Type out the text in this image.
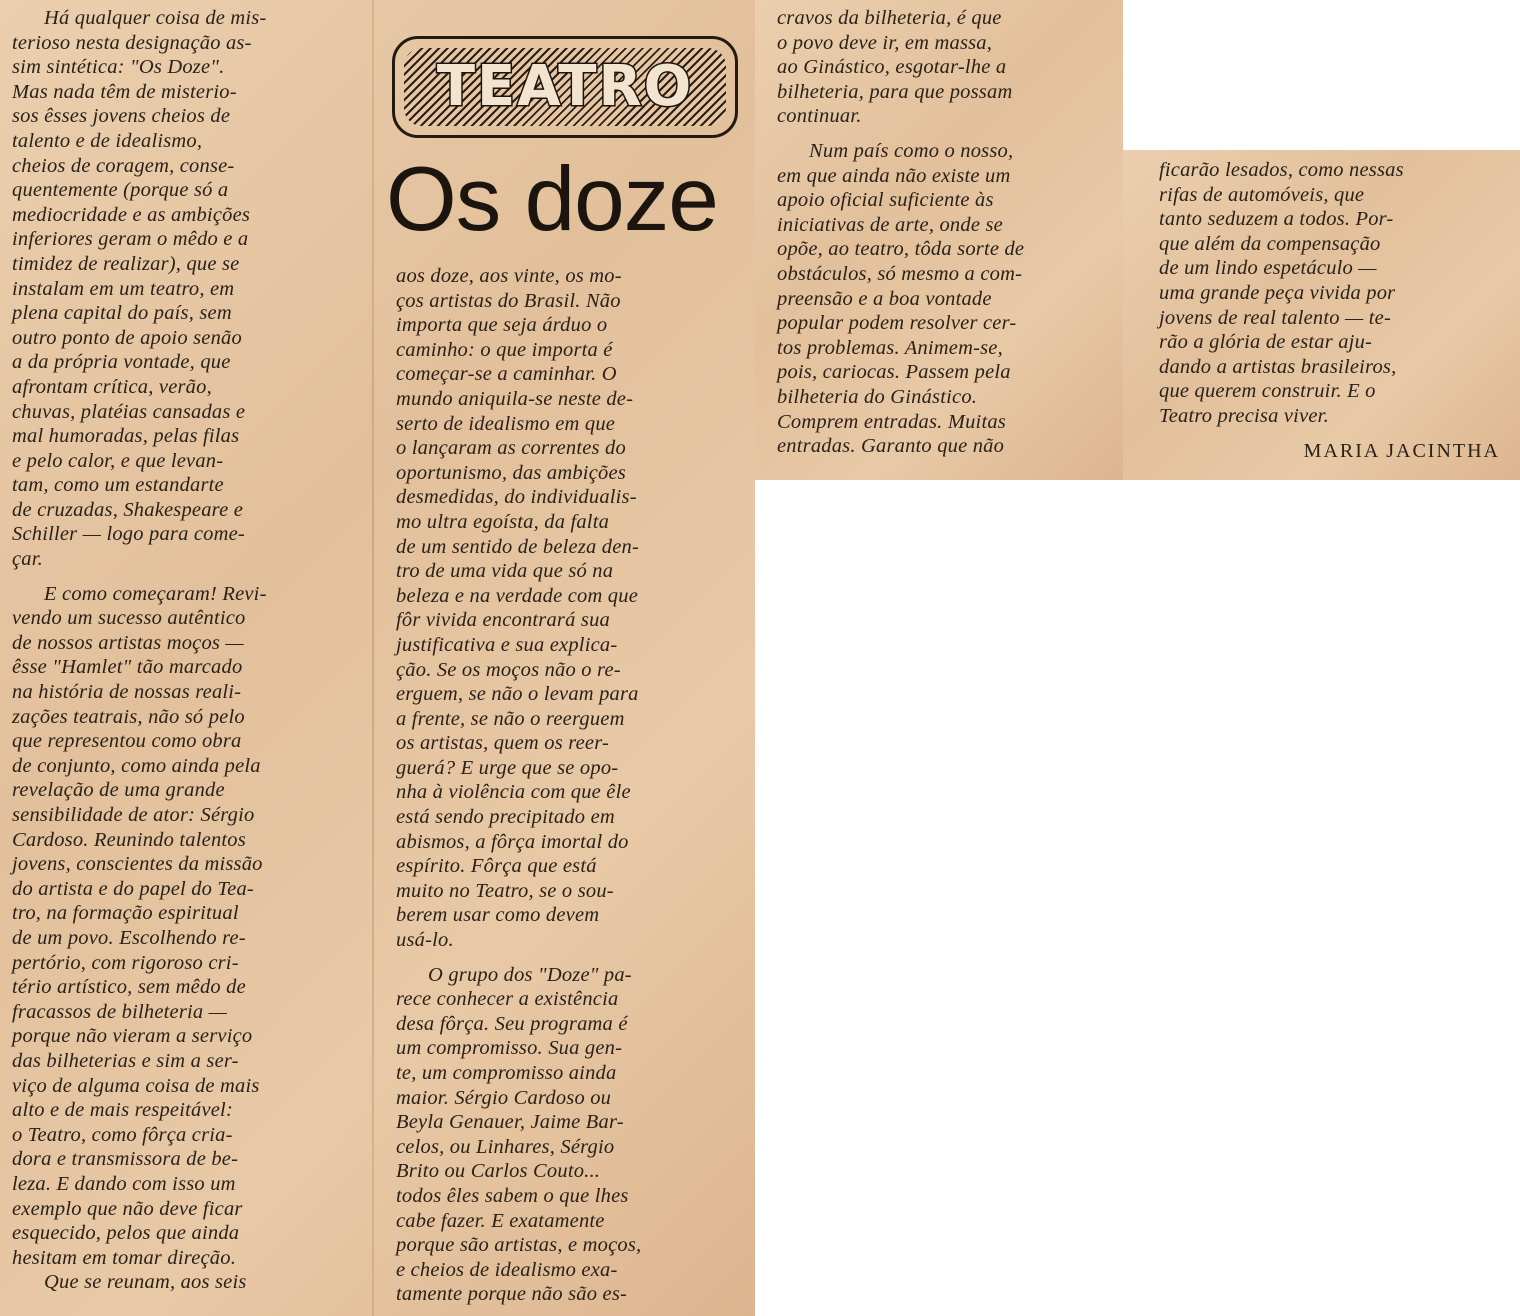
Há qualquer coisa de mis-

terioso nesta designação as-

sim sintética: "Os Doze".

Mas nada têm de misterio-

sos êsses jovens cheios de

talento e de idealismo,

cheios de coragem, conse-

quentemente (porque só a

mediocridade e as ambições

inferiores geram o mêdo e a

timidez de realizar), que se

instalam em um teatro, em

plena capital do país, sem

outro ponto de apoio senão

a da própria vontade, que

afrontam crítica, verão,

chuvas, platéias cansadas e

mal humoradas, pelas filas

e pelo calor, e que levan-

tam, como um estandarte

de cruzadas, Shakespeare e

Schiller — logo para come-

çar.

E como começaram! Revi-

vendo um sucesso autêntico

de nossos artistas moços —

êsse "Hamlet" tão marcado

na história de nossas reali-

zações teatrais, não só pelo

que representou como obra

de conjunto, como ainda pela

revelação de uma grande

sensibilidade de ator: Sérgio

Cardoso. Reunindo talentos

jovens, conscientes da missão

do artista e do papel do Tea-

tro, na formação espiritual

de um povo. Escolhendo re-

pertório, com rigoroso cri-

tério artístico, sem mêdo de

fracassos de bilheteria —

porque não vieram a serviço

das bilheterias e sim a ser-

viço de alguma coisa de mais

alto e de mais respeitável:

o Teatro, como fôrça cria-

dora e transmissora de be-

leza. E dando com isso um

exemplo que não deve ficar

esquecido, pelos que ainda

hesitam em tomar direção.

Que se reunam, aos seis

TEATRO
Os doze

aos doze, aos vinte, os mo-

ços artistas do Brasil. Não

importa que seja árduo o

caminho: o que importa é

começar-se a caminhar. O

mundo aniquila-se neste de-

serto de idealismo em que

o lançaram as correntes do

oportunismo, das ambições

desmedidas, do individualis-

mo ultra egoísta, da falta

de um sentido de beleza den-

tro de uma vida que só na

beleza e na verdade com que

fôr vivida encontrará sua

justificativa e sua explica-

ção. Se os moços não o re-

erguem, se não o levam para

a frente, se não o reerguem

os artistas, quem os reer-

guerá? E urge que se opo-

nha à violência com que êle

está sendo precipitado em

abismos, a fôrça imortal do

espírito. Fôrça que está

muito no Teatro, se o sou-

berem usar como devem

usá-lo.

O grupo dos "Doze" pa-

rece conhecer a existência

desa fôrça. Seu programa é

um compromisso. Sua gen-

te, um compromisso ainda

maior. Sérgio Cardoso ou

Beyla Genauer, Jaime Bar-

celos, ou Linhares, Sérgio

Brito ou Carlos Couto...

todos êles sabem o que lhes

cabe fazer. E exatamente

porque são artistas, e moços,

e cheios de idealismo exa-

tamente porque não são es-

cravos da bilheteria, é que

o povo deve ir, em massa,

ao Ginástico, esgotar-lhe a

bilheteria, para que possam

continuar.

Num país como o nosso,

em que ainda não existe um

apoio oficial suficiente às

iniciativas de arte, onde se

opõe, ao teatro, tôda sorte de

obstáculos, só mesmo a com-

preensão e a boa vontade

popular podem resolver cer-

tos problemas. Animem-se,

pois, cariocas. Passem pela

bilheteria do Ginástico.

Comprem entradas. Muitas

entradas. Garanto que não

ficarão lesados, como nessas

rifas de automóveis, que

tanto seduzem a todos. Por-

que além da compensação

de um lindo espetáculo —

uma grande peça vivida por

jovens de real talento — te-

rão a glória de estar aju-

dando a artistas brasileiros,

que querem construir. E o

Teatro precisa viver.

MARIA JACINTHA
